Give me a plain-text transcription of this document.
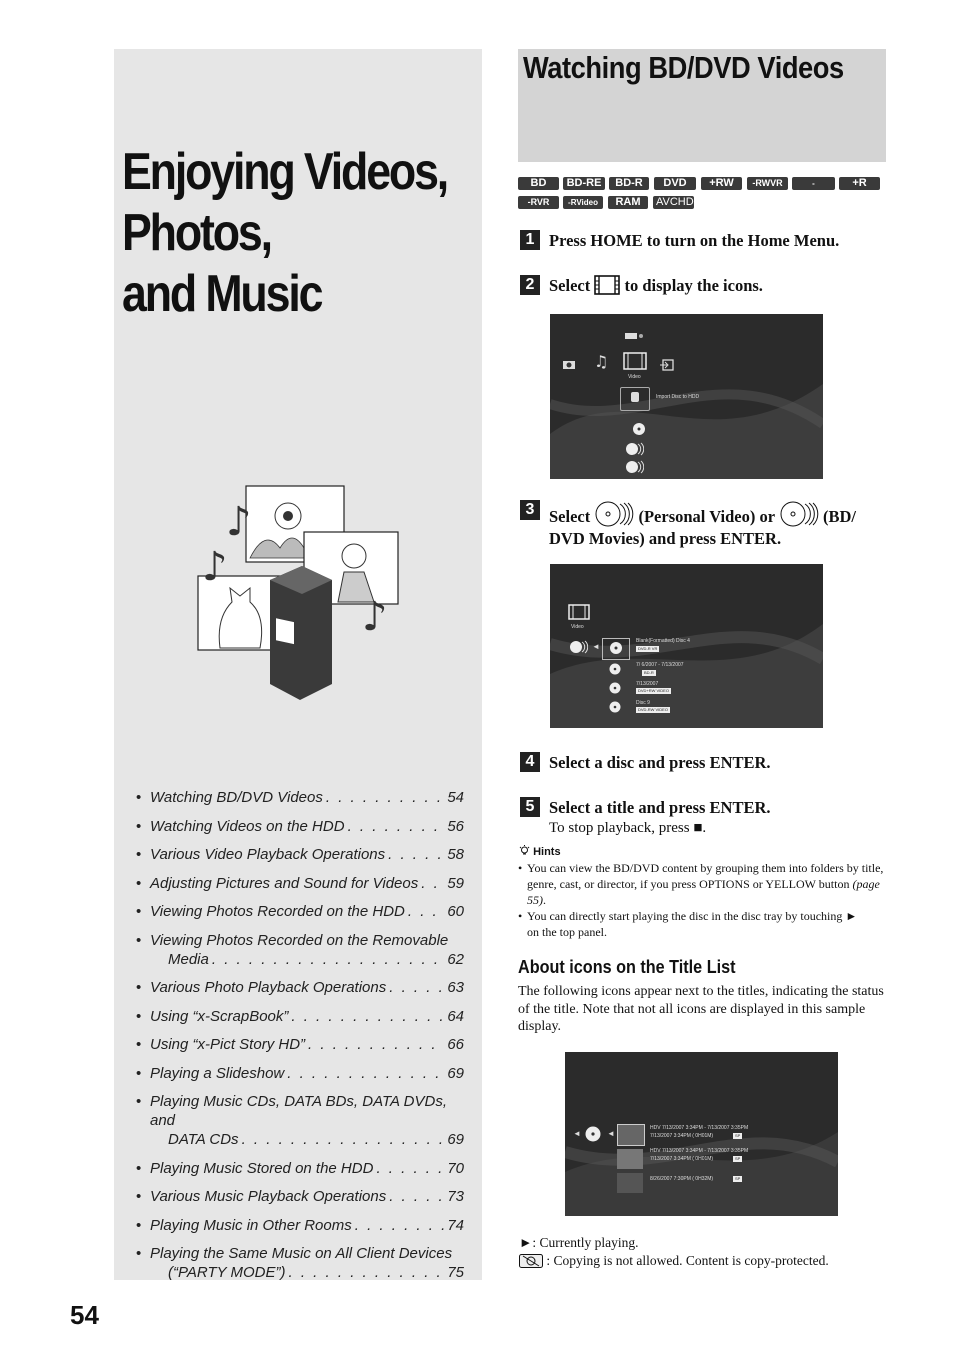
Enjoying Videos,
Photos,
and Music
♪
♪
♪
• Watching BD/DVD Videos . . .	54
• Watching Videos on the HDD . . .	56
• Various Video Playback Operations . . .	58
• Adjusting Pictures and Sound for Videos . . . 59
• Viewing Photos Recorded on the HDD . . .	60
• Viewing Photos Recorded on the Removable
Media . . .	62
• Various Photo Playback Operations . . .	63
• Using “x-ScrapBook” . . .	64
• Using “x-Pict Story HD” . . .	66
• Playing a Slideshow . . .	69
• Playing Music CDs, DATA BDs, DATA DVDs, and
DATA CDs . . .	69
• Playing Music Stored on the HDD . . .	70
• Various Music Playback Operations . . .	73
• Playing Music in Other Rooms . . .	74
• Playing the Same Music on All Client Devices
(“PARTY MODE”) . . .	75
54
Watching BD/DVD Videos
BD BD-RE BD-R DVD +RW -RWVR	-RWVideo+R
-RVR -RVideo RAM AVCHD
1 Press HOME to turn on the Home Menu.
2 Select to display the icons.
♫
Video
Import Disc to HDD
3 Select	(Personal Video) or	(BD/
DVD Movies) and press ENTER.
Video
◄
Blank(Formatted) Disc 4
DVD-R VR
7/ 6/2007 - 7/13/2007
BD-R
7/13/2007
DVD+RW VIDEO
Disc 9
DVD-RW VIDEO
4 Select a disc and press ENTER.
5 Select a title and press ENTER.
To stop playback, press ■.
Hints
• You can view the BD/DVD content by grouping them into folders by title, genre, cast, or director, if you press OPTIONS or YELLOW button (page 55).
• You can directly start playing the disc in the disc tray by touching ►
on the top panel.
About icons on the Title List

The following icons appear next to the titles, indicating the status of the title. Note that not all icons are displayed in this sample display.

◄	◄
HDV 7/13/2007 3:34PM - 7/13/2007 3:35PM
7/13/2007 3:34PM ( 0H01M)	SP
HDV 7/13/2007 3:34PM - 7/13/2007 3:35PM
7/13/2007 3:34PM ( 0H01M)	SP
8/26/2007 7:30PM ( 0H32M)	SP
►: Currently playing.
: Copying is not allowed. Content is copy-protected.
